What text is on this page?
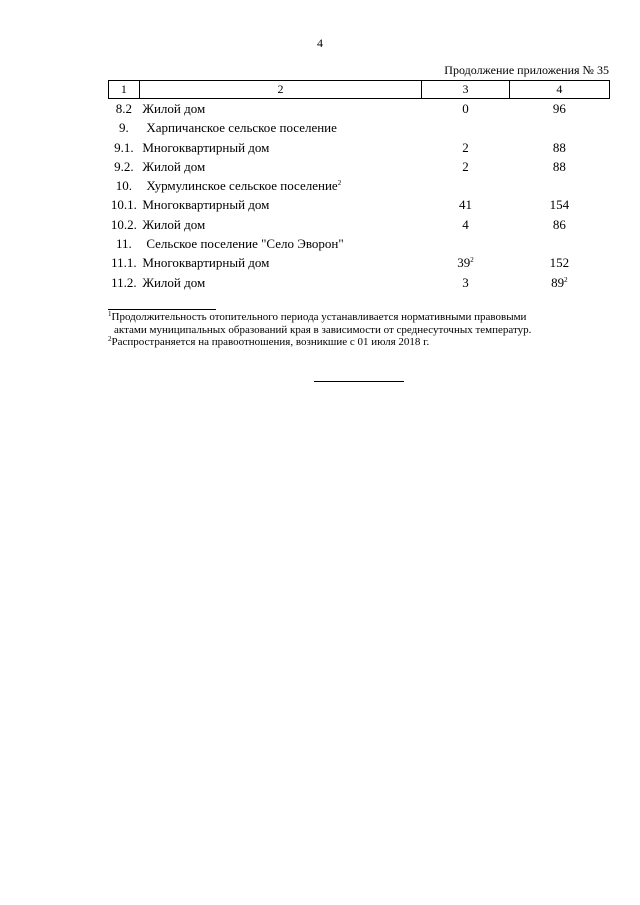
4
Продолжение приложения № 35
1	2	3	4
8.2	Жилой дом	0	96
9.	Харпичанское сельское поселение		
9.1.	Многоквартирный дом	2	88
9.2.	Жилой дом	2	88
10.	Хурмулинское сельское поселение$^2$		
10.1.	Многоквартирный дом	41	154
10.2.	Жилой дом	4	86
11.	Сельское поселение "Село Эворон"		
11.1.	Многоквартирный дом	$39^2$	152
11.2.	Жилой дом	3	$89^2$

$^1$Продолжительность отопительного периода устанавливается нормативными правовыми

актами муниципальных образований края в зависимости от среднесуточных температур.

$^2$Распространяется на правоотношения, возникшие с 01 июля 2018 г.
